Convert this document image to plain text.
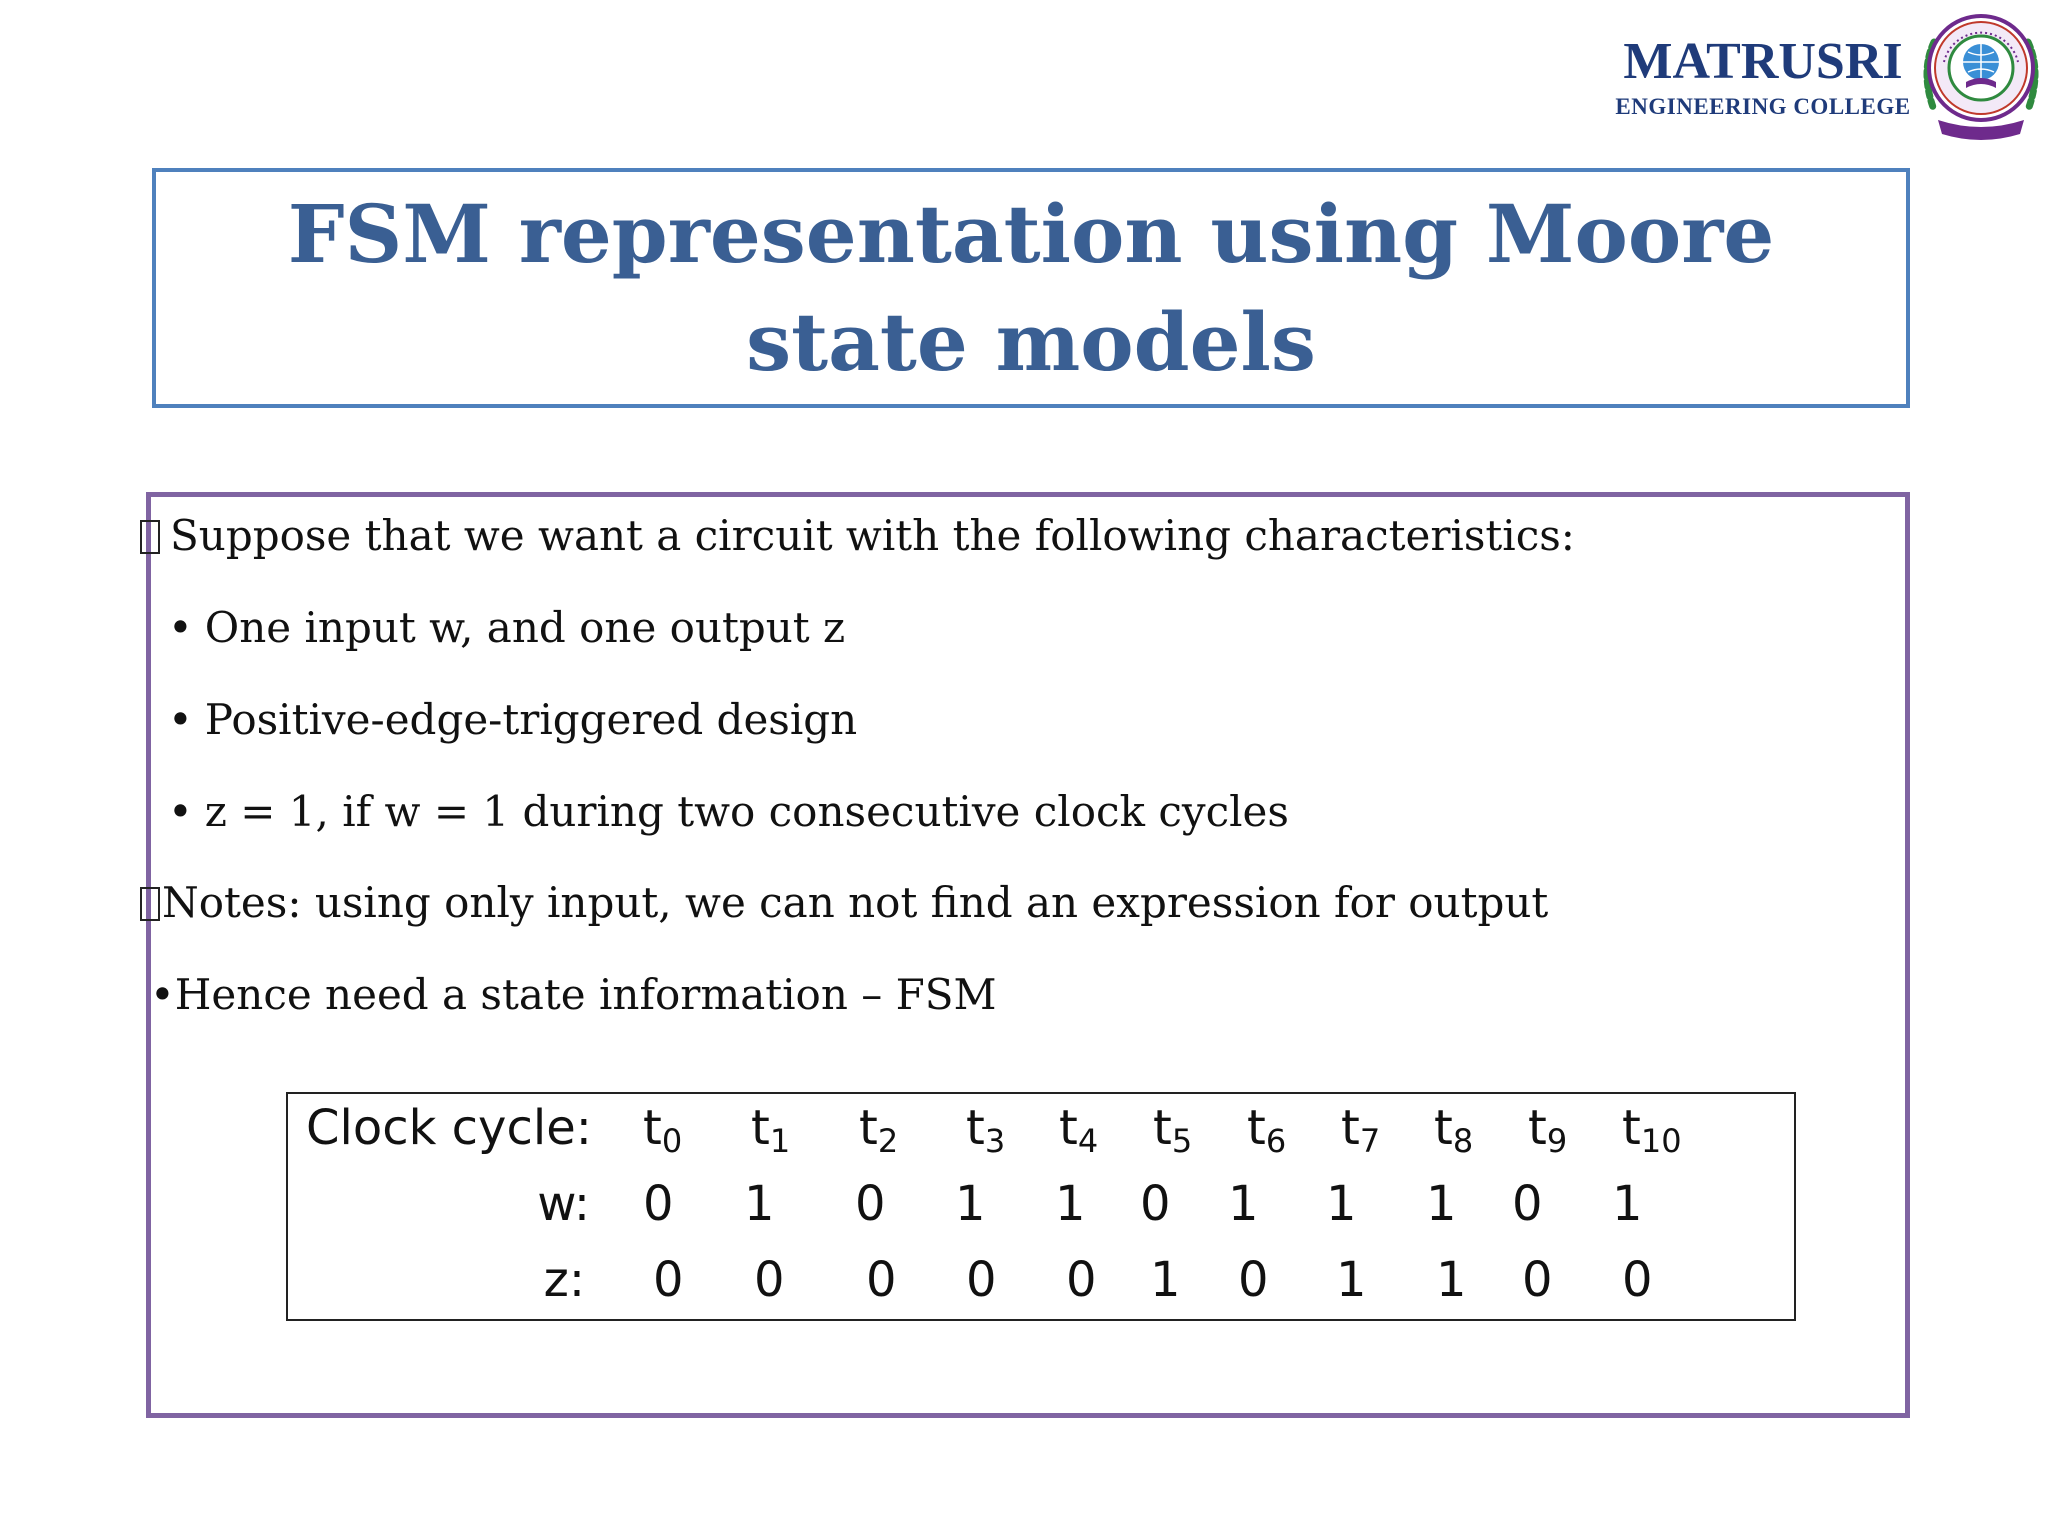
MATRUSRI
ENGINEERING COLLEGE
FSM representation using Moore state models
Suppose that we want a circuit with the following characteristics:
• One input w, and one output z
• Positive-edge-triggered design
• z = 1, if w = 1 during two consecutive clock cycles
Notes: using only input, we can not find an expression for output
•Hence need a state information – FSM
Clock cycle:
w:
z:
t0 t1 t2 t3 t4 t5 t6 t7 t8 t9 t10
0 1 0 1 1 0 1 1 1 0 1
0 0 0 0 0 1 0 1 1 0 0
